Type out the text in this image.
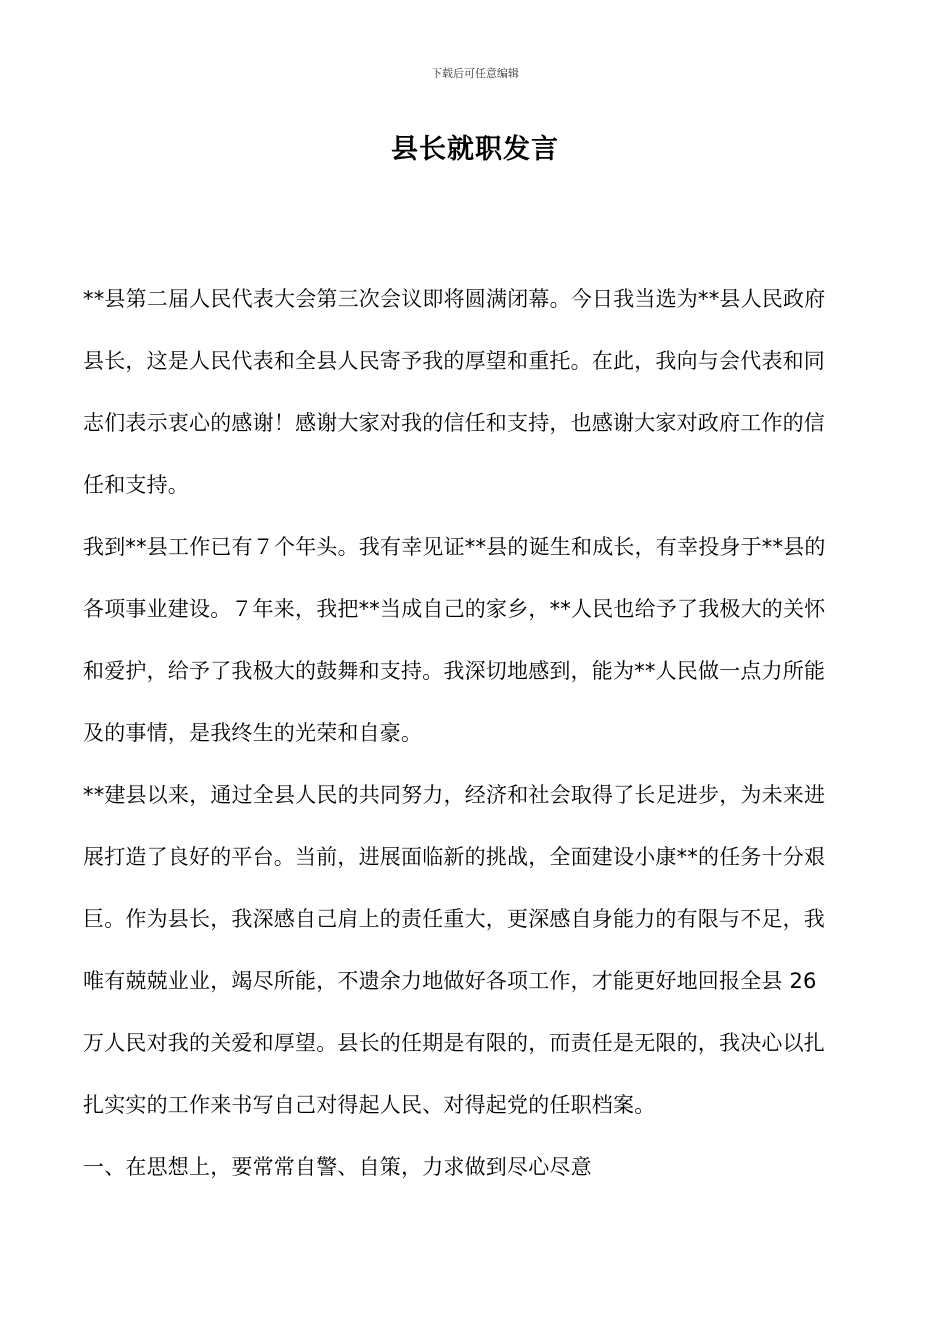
下载后可任意编辑
县长就职发言
**县第二届人民代表大会第三次会议即将圆满闭幕。今日我当选为**县人民政府
县长，这是人民代表和全县人民寄予我的厚望和重托。在此，我向与会代表和同
志们表示衷心的感谢！感谢大家对我的信任和支持，也感谢大家对政府工作的信
任和支持。
我到**县工作已有７个年头。我有幸见证**县的诞生和成长，有幸投身于**县的
各项事业建设。７年来，我把**当成自己的家乡，**人民也给予了我极大的关怀
和爱护，给予了我极大的鼓舞和支持。我深切地感到，能为**人民做一点力所能
及的事情，是我终生的光荣和自豪。
**建县以来，通过全县人民的共同努力，经济和社会取得了长足进步，为未来进
展打造了良好的平台。当前，进展面临新的挑战，全面建设小康**的任务十分艰
巨。作为县长，我深感自己肩上的责任重大，更深感自身能力的有限与不足，我
唯有兢兢业业，竭尽所能，不遗余力地做好各项工作，才能更好地回报全县 26
万人民对我的关爱和厚望。县长的任期是有限的，而责任是无限的，我决心以扎
扎实实的工作来书写自己对得起人民、对得起党的任职档案。
一、在思想上，要常常自警、自策，力求做到尽心尽意
